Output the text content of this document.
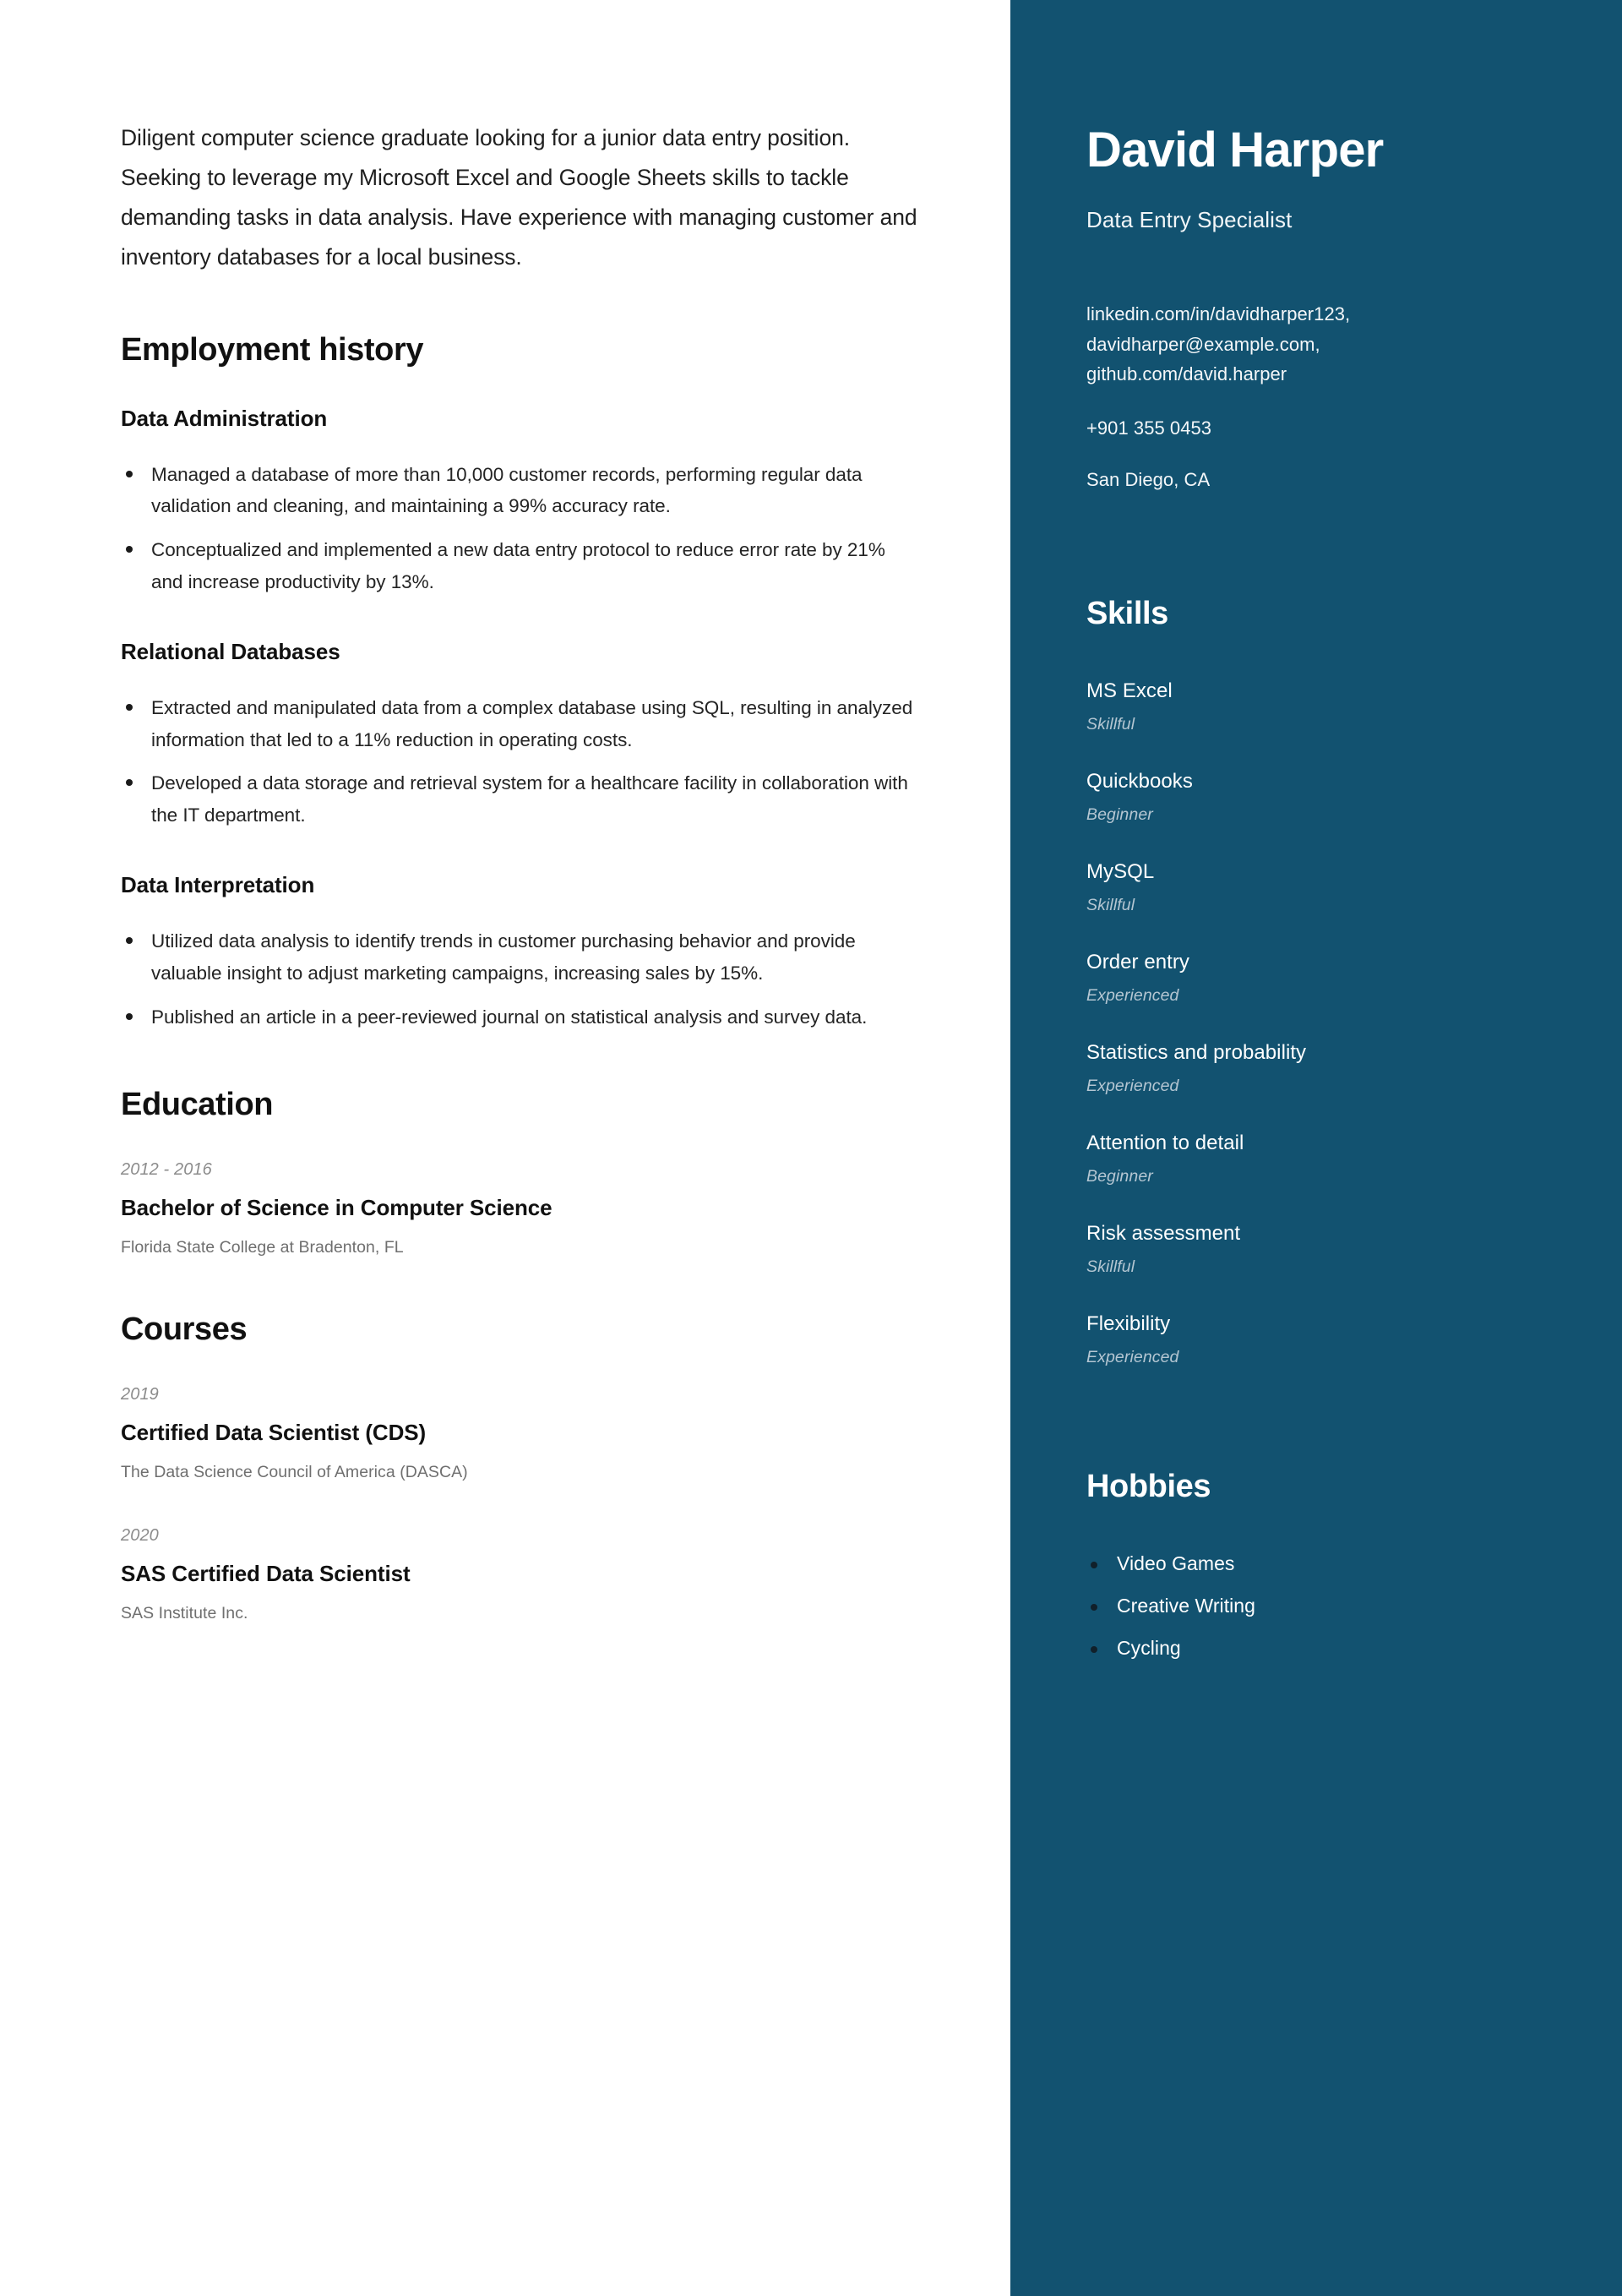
Diligent computer science graduate looking for a junior data entry position. Seeking to leverage my Microsoft Excel and Google Sheets skills to tackle demanding tasks in data analysis. Have experience with managing customer and inventory databases for a local business.

Employment history
Data Administration
Managed a database of more than 10,000 customer records, performing regular data validation and cleaning, and maintaining a 99% accuracy rate.
Conceptualized and implemented a new data entry protocol to reduce error rate by 21% and increase productivity by 13%.
Relational Databases
Extracted and manipulated data from a complex database using SQL, resulting in analyzed information that led to a 11% reduction in operating costs.
Developed a data storage and retrieval system for a healthcare facility in collaboration with the IT department.
Data Interpretation
Utilized data analysis to identify trends in customer purchasing behavior and provide valuable insight to adjust marketing campaigns, increasing sales by 15%.
Published an article in a peer-reviewed journal on statistical analysis and survey data.
Education
2012 - 2016
Bachelor of Science in Computer Science
Florida State College at Bradenton, FL
Courses
2019
Certified Data Scientist (CDS)
The Data Science Council of America (DASCA)
2020
SAS Certified Data Scientist
SAS Institute Inc.
David Harper
Data Entry Specialist
linkedin.com/in/davidharper123,
davidharper@example.com,
github.com/david.harper
+901 355 0453
San Diego, CA
Skills
MS Excel
Skillful
Quickbooks
Beginner
MySQL
Skillful
Order entry
Experienced
Statistics and probability
Experienced
Attention to detail
Beginner
Risk assessment
Skillful
Flexibility
Experienced
Hobbies
Video Games
Creative Writing
Cycling
